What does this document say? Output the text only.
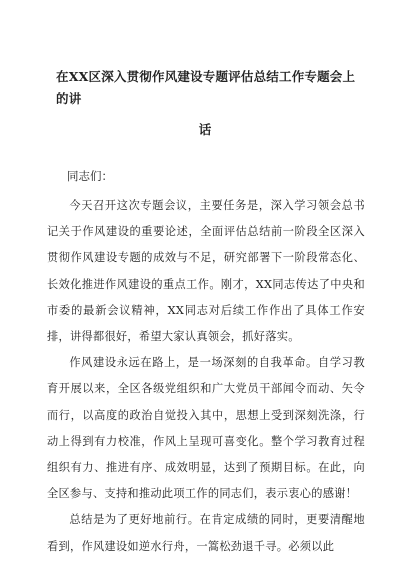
在XX区深入贯彻作风建设专题评估总结工作专题会上的讲
话
同志们：

今天召开这次专题会议，主要任务是，深入学习领会总书记关于作风建设的重要论述，全面评估总结前一阶段全区深入贯彻作风建设专题的成效与不足，研究部署下一阶段常态化、长效化推进作风建设的重点工作。刚才，XX同志传达了中央和市委的最新会议精神，XX同志对后续工作作出了具体工作安排，讲得都很好，希望大家认真领会，抓好落实。

作风建设永远在路上，是一场深刻的自我革命。自学习教育开展以来，全区各级党组织和广大党员干部闻令而动、矢令而行，以高度的政治自觉投入其中，思想上受到深刻洗涤，行动上得到有力校准，作风上呈现可喜变化。整个学习教育过程组织有力、推进有序、成效明显，达到了预期目标。在此，向全区参与、支持和推动此项工作的同志们，表示衷心的感谢！

总结是为了更好地前行。在肯定成绩的同时，更要清醒地看到，作风建设如逆水行舟，一篙松劲退千寻。必须以此
